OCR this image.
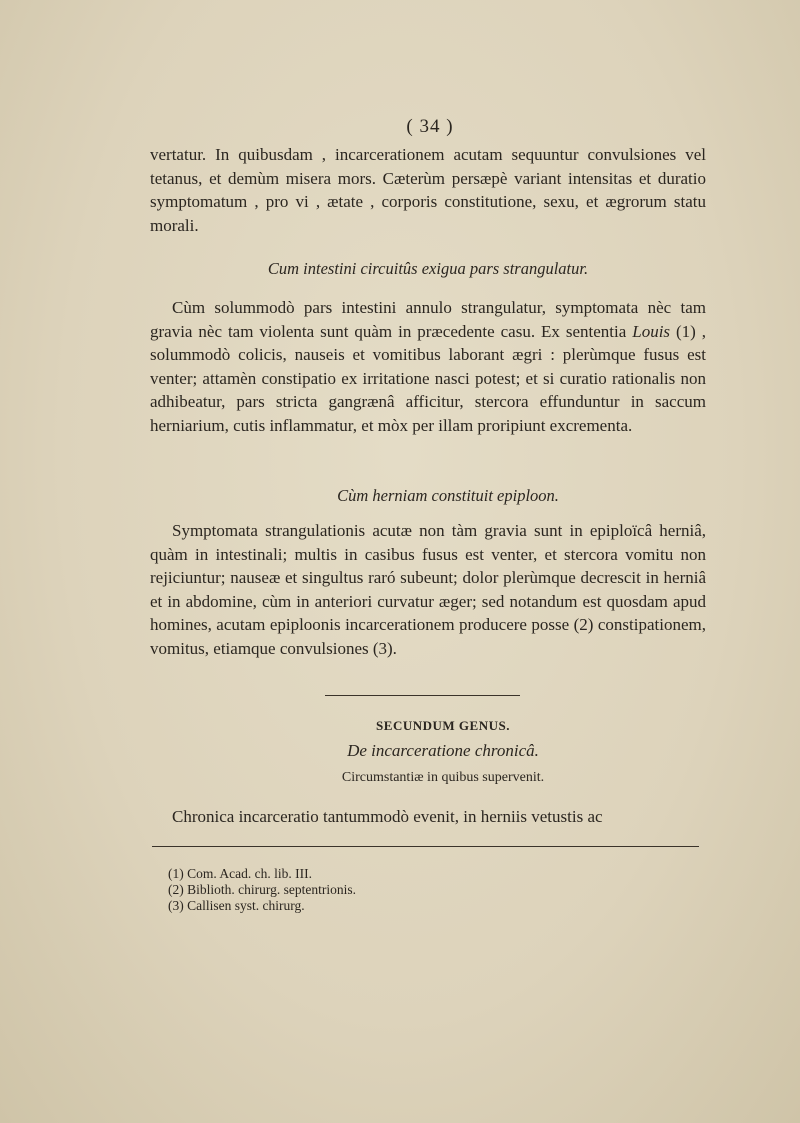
( 34 )

vertatur. In quibusdam , incarcerationem acutam sequuntur convulsiones vel tetanus, et demùm misera mors. Cæterùm persæpè variant intensitas et duratio symptomatum , pro vi , ætate , corporis constitutione, sexu, et ægrorum statu morali.

Cum intestini circuitûs exigua pars strangulatur.

Cùm solummodò pars intestini annulo strangulatur, symptomata nèc tam gravia nèc tam violenta sunt quàm in præcedente casu. Ex sententia Louis (1) , solummodò colicis, nauseis et vomitibus laborant ægri : plerùmque fusus est venter; attamèn constipatio ex irritatione nasci potest; et si curatio rationalis non adhibeatur, pars stricta gangrænâ afficitur, stercora effunduntur in saccum herniarium, cutis inflammatur, et mòx per illam proripiunt excrementa.

Cùm herniam constituit epiploon.

Symptomata strangulationis acutæ non tàm gravia sunt in epiploïcâ herniâ, quàm in intestinali; multis in casibus fusus est venter, et stercora vomitu non rejiciuntur; nauseæ et singultus raró subeunt; dolor plerùmque decrescit in herniâ et in abdomine, cùm in anteriori curvatur æger; sed notandum est quosdam apud homines, acutam epiploonis incarcerationem producere posse (2) constipationem, vomitus, etiamque convulsiones (3).

SECUNDUM GENUS.

De incarceratione chronicâ.

Circumstantiæ in quibus supervenit.

Chronica incarceratio tantummodò evenit, in herniis vetustis ac

(1) Com. Acad. ch. lib. III.
(2) Biblioth. chirurg. septentrionis.
(3) Callisen syst. chirurg.
